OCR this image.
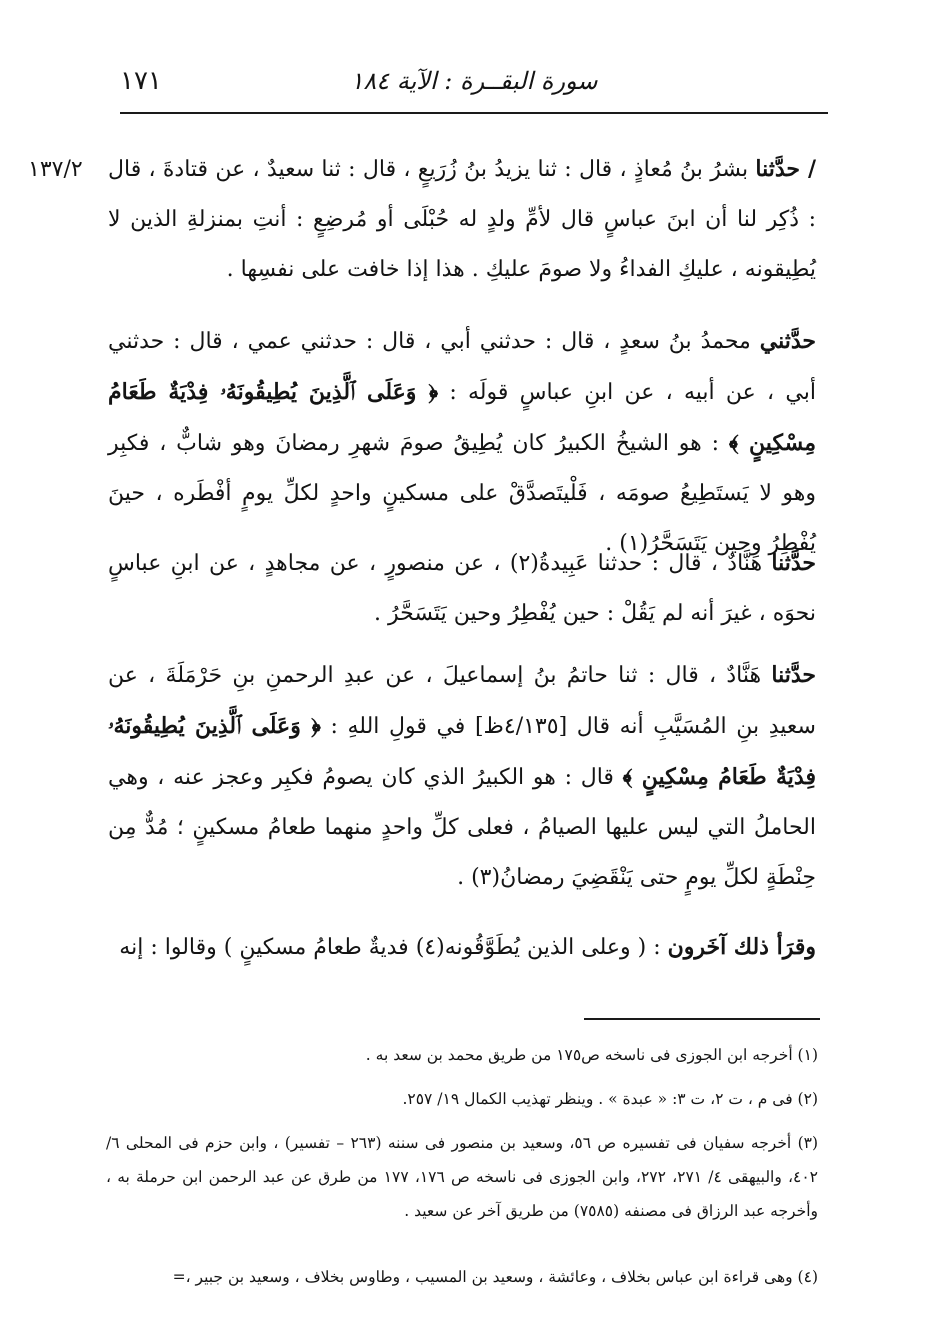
١٧١	سورة البقــرة : الآية ١٨٤
١٣٧/٢	/ حدَّثنا بشرُ بنُ مُعاذٍ ، قال : ثنا يزيدُ بنُ زُرَيعٍ ، قال : ثنا سعيدٌ ، عن قتادةَ ، قال : ذُكِر لنا أن ابنَ عباسٍ قال لأمِّ ولدٍ له حُبْلَى أو مُرضِعٍ : أنتِ بمنزلةِ الذين لا يُطِيقونه ، عليكِ الفداءُ ولا صومَ عليكِ . هذا إذا خافت على نفسِها .

حدَّثني محمدُ بنُ سعدٍ ، قال : حدثني أبي ، قال : حدثني عمي ، قال : حدثني أبي ، عن أبيه ، عن ابنِ عباسٍ قولَه : ﴿ وَعَلَى ٱلَّذِينَ يُطِيقُونَهُۥ فِدْيَةٌ طَعَامُ مِسْكِينٍ ﴾ : هو الشيخُ الكبيرُ كان يُطِيقُ صومَ شهرِ رمضانَ وهو شابٌّ ، فكبِر وهو لا يَستَطِيعُ صومَه ، فَلْيتَصدَّقْ على مسكينٍ واحدٍ لكلِّ يومٍ أفْطَره ، حينَ يُفْطِرُ وحين يَتَسَحَّرُ(١) .

حدَّثنا هَنَّادٌ ، قال : حدثنا عَبِيدةُ(٢) ، عن منصورٍ ، عن مجاهدٍ ، عن ابنِ عباسٍ نحوَه ، غيرَ أنه لم يَقُلْ : حين يُفْطِرُ وحين يَتَسَحَّرُ .

حدَّثنا هَنَّادٌ ، قال : ثنا حاتمُ بنُ إسماعيلَ ، عن عبدِ الرحمنِ بنِ حَرْمَلَةَ ، عن سعيدِ بنِ المُسَيَّبِ أنه قال [٤/١٣٥ظ] في قولِ اللهِ : ﴿ وَعَلَى ٱلَّذِينَ يُطِيقُونَهُۥ فِدْيَةٌ طَعَامُ مِسْكِينٍ ﴾ قال : هو الكبيرُ الذي كان يصومُ فكبِر وعجز عنه ، وهي الحاملُ التي ليس عليها الصيامُ ، فعلى كلِّ واحدٍ منهما طعامُ مسكينٍ ؛ مُدٌّ مِن حِنْطَةٍ لكلِّ يومٍ حتى يَنْقَضِيَ رمضانُ(٣) .

وقرَأ ذلك آخَرون : ( وعلى الذين يُطَوَّقُونه(٤) فديةٌ طعامُ مسكينٍ ) وقالوا : إنه

(١) أخرجه ابن الجوزى فى ناسخه ص١٧٥ من طريق محمد بن سعد به .

(٢) فى م ، ت ٢، ت ٣: « عبدة » . وينظر تهذيب الكمال ١٩/ ٢٥٧.

(٣) أخرجه سفيان فى تفسيره ص ٥٦، وسعيد بن منصور فى سننه (٢٦٣ – تفسير) ، وابن حزم فى المحلى ٦/ ٤٠٢، والبيهقى ٤/ ٢٧١، ٢٧٢، وابن الجوزى فى ناسخه ص ١٧٦، ١٧٧ من طرق عن عبد الرحمن ابن حرملة به ، وأخرجه عبد الرزاق فى مصنفه (٧٥٨٥) من طريق آخر عن سعيد .

(٤) وهى قراءة ابن عباس بخلاف ، وعائشة ، وسعيد بن المسيب ، وطاوس بخلاف ، وسعيد بن جبير ،=
